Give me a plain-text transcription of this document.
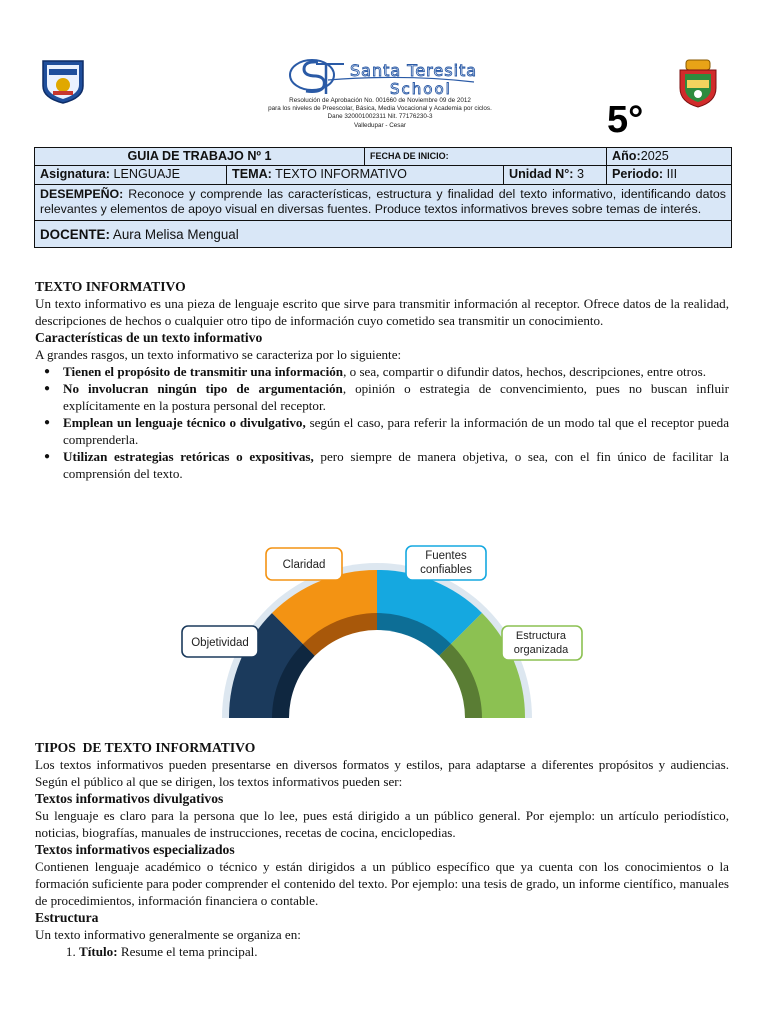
Santa Teresita
School
Resolución de Aprobación No. 001660 de Noviembre 09 de 2012
para los niveles de Preescolar, Básica, Media Vocacional y Academia por ciclos.
Dane 320001002311 Nit. 77176230-3
Valledupar - Cesar	5°
GUIA DE TRABAJO Nº 1	FECHA DE INICIO:	Año:2025
Asignatura: LENGUAJE	TEMA: TEXTO INFORMATIVO	Unidad N°: 3	Periodo: III
DESEMPEÑO: Reconoce y comprende las características, estructura y finalidad del texto informativo, identificando datos relevantes y elementos de apoyo visual en diversas fuentes. Produce textos informativos breves sobre temas de interés.
DOCENTE: Aura Melisa Mengual

TEXTO INFORMATIVO

Un texto informativo es una pieza de lenguaje escrito que sirve para transmitir información al receptor. Ofrece datos de la realidad, descripciones de hechos o cualquier otro tipo de información cuyo cometido sea transmitir un conocimiento.

Características de un texto informativo

A grandes rasgos, un texto informativo se caracteriza por lo siguiente:

● Tienen el propósito de transmitir una información, o sea, compartir o difundir datos, hechos, descripciones, entre otros.
● No involucran ningún tipo de argumentación, opinión o estrategia de convencimiento, pues no buscan influir explícitamente en la postura personal del receptor.
● Emplean un lenguaje técnico o divulgativo, según el caso, para referir la información de un modo tal que el receptor pueda comprenderla.
● Utilizan estrategias retóricas o expositivas, pero siempre de manera objetiva, o sea, con el fin único de facilitar la comprensión del texto.
Claridad
Fuentes
confiables
Objetividad
Estructura
organizada

TIPOS  DE TEXTO INFORMATIVO

Los textos informativos pueden presentarse en diversos formatos y estilos, para adaptarse a diferentes propósitos y audiencias. Según el público al que se dirigen, los textos informativos pueden ser:

Textos informativos divulgativos

Su lenguaje es claro para la persona que lo lee, pues está dirigido a un público general. Por ejemplo: un artículo periodístico, noticias, biografías, manuales de instrucciones, recetas de cocina, enciclopedias.

Textos informativos especializados

Contienen lenguaje académico o técnico y están dirigidos a un público específico que ya cuenta con los conocimientos o la formación suficiente para poder comprender el contenido del texto. Por ejemplo: una tesis de grado, un informe científico, manuales de procedimientos, información financiera o contable.

Estructura

Un texto informativo generalmente se organiza en:

1. Título: Resume el tema principal.
